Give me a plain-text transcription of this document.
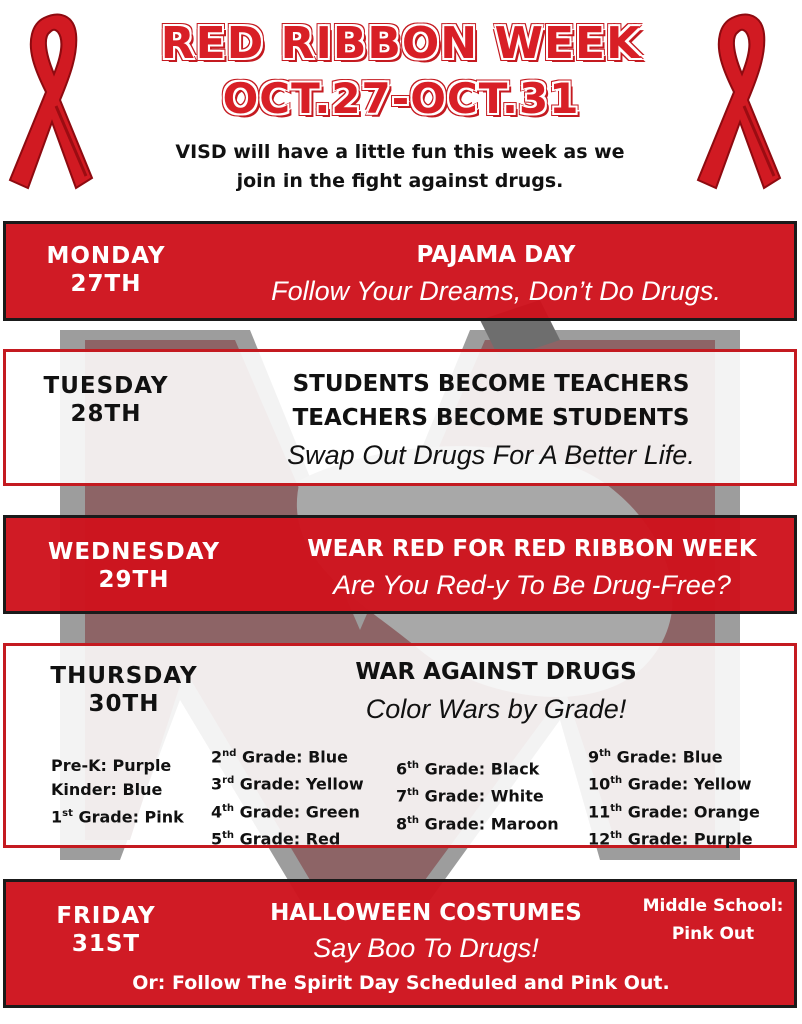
RED RIBBON WEEK
OCT.27-OCT.31
VISD will have a little fun this week as we
join in the fight against drugs.
MONDAY
27TH
PAJAMA DAY
Follow Your Dreams, Don’t Do Drugs.
TUESDAY
28TH
STUDENTS BECOME TEACHERS
TEACHERS BECOME STUDENTS
Swap Out Drugs For A Better Life.
WEDNESDAY
29TH
WEAR RED FOR RED RIBBON WEEK
Are You Red-y To Be Drug-Free?
THURSDAY
30TH
WAR AGAINST DRUGS
Color Wars by Grade!
Pre-K: Purple
Kinder: Blue
1st Grade: Pink
2nd Grade: Blue
3rd Grade: Yellow
4th Grade: Green
5th Grade: Red
6th Grade: Black
7th Grade: White
8th Grade: Maroon
9th Grade: Blue
10th Grade: Yellow
11th Grade: Orange
12th Grade: Purple
FRIDAY
31ST
HALLOWEEN COSTUMES
Say Boo To Drugs!
Middle School:
Pink Out
Or: Follow The Spirit Day Scheduled and Pink Out.
